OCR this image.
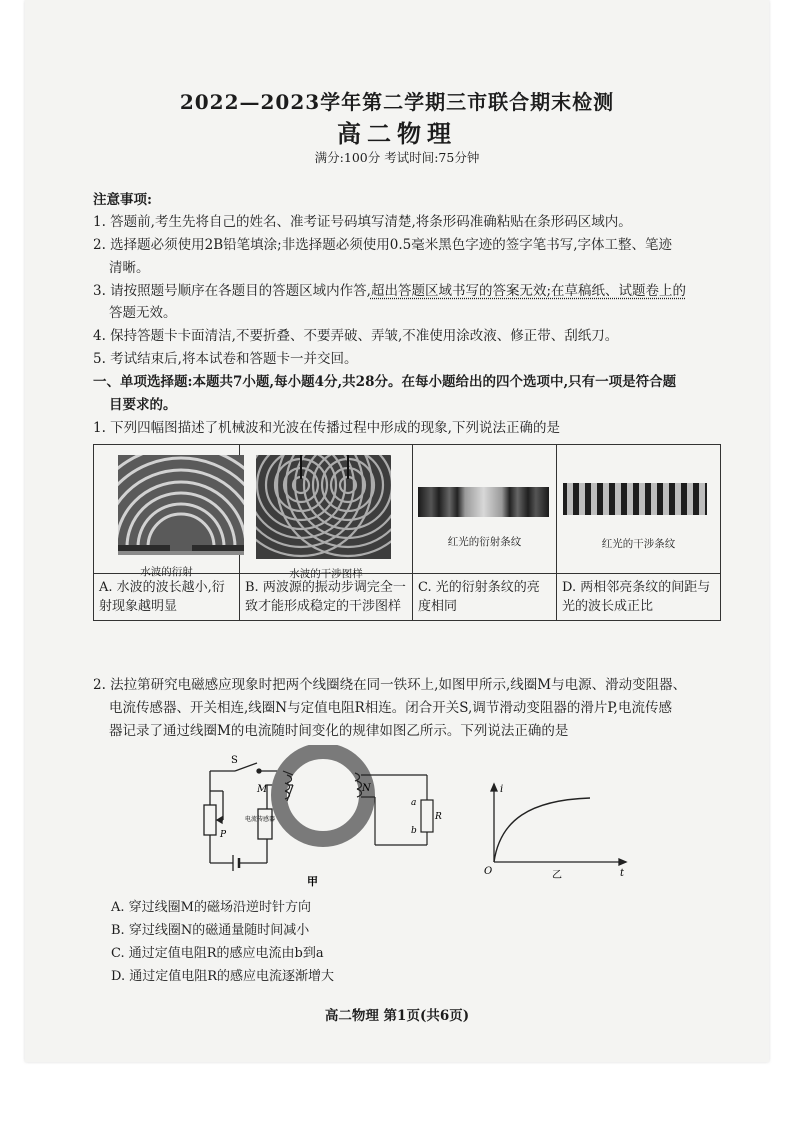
2022—2023学年第二学期三市联合期末检测
高二物理
满分:100分 考试时间:75分钟
注意事项:
1. 答题前,考生先将自己的姓名、准考证号码填写清楚,将条形码准确粘贴在条形码区域内。
2. 选择题必须使用2B铅笔填涂;非选择题必须使用0.5毫米黑色字迹的签字笔书写,字体工整、笔迹
清晰。
3. 请按照题号顺序在各题目的答题区域内作答,超出答题区域书写的答案无效;在草稿纸、试题卷上的
答题无效。
4. 保持答题卡卡面清洁,不要折叠、不要弄破、弄皱,不准使用涂改液、修正带、刮纸刀。
5. 考试结束后,将本试卷和答题卡一并交回。
一、单项选择题:本题共7小题,每小题4分,共28分。在每小题给出的四个选项中,只有一项是符合题
目要求的。
1. 下列四幅图描述了机械波和光波在传播过程中形成的现象,下列说法正确的是
水波的衍射	水波的干涉图样	红光的衍射条纹	红光的干涉条纹

A. 水波的波长越小,衍射现象越明显	B. 两波源的振动步调完全一致才能形成稳定的干涉图样	C. 光的衍射条纹的亮度相同	D. 两相邻亮条纹的间距与光的波长成正比
2. 法拉第研究电磁感应现象时把两个线圈绕在同一铁环上,如图甲所示,线圈M与电源、滑动变阻器、
电流传感器、开关相连,线圈N与定值电阻R相连。闭合开关S,调节滑动变阻器的滑片P,电流传感
器记录了通过线圈M的电流随时间变化的规律如图乙所示。下列说法正确的是
S
M	N
P
a
b
R
电流传感器
甲
O
i
t
乙
A. 穿过线圈M的磁场沿逆时针方向
B. 穿过线圈N的磁通量随时间减小
C. 通过定值电阻R的感应电流由b到a
D. 通过定值电阻R的感应电流逐渐增大
高二物理 第1页(共6页)
